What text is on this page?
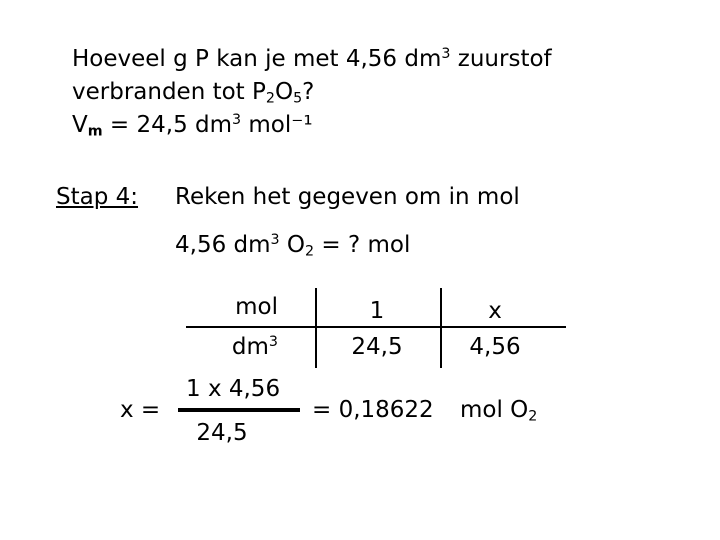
Hoeveel g P kan je met 4,56 $dm^3$ zuurstof
verbranden tot $P_2O_5$?
$V_m = 24,5$ $dm^3$ mol⁻¹
Stap 4: Reken het gegeven om in mol
4,56 $dm^3$ $O_2$ = ? mol
mol	1	x
$dm^3$	24,5	4,56
x =
1 x 4,56
24,5
= 0,18622 mol $O_2$
